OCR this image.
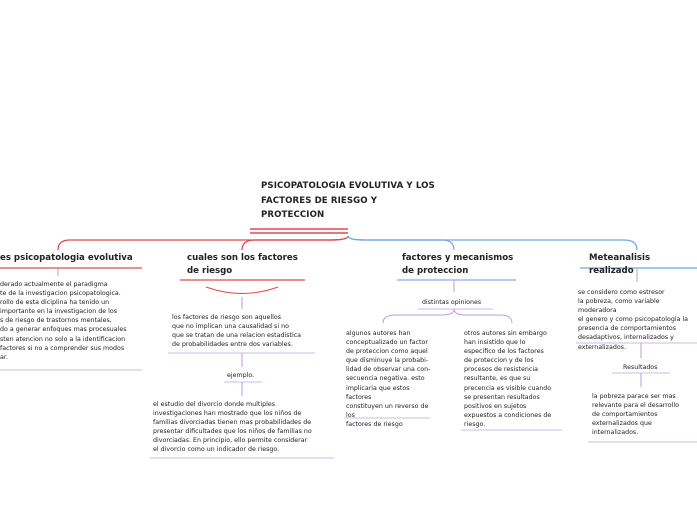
PSICOPATOLOGIA EVOLUTIVA Y LOS
FACTORES DE RIESGO Y
PROTECCION
es psicopatologia evolutiva
derado actualmente el paradigma
te de la investigacion psicopatologica.
rollo de esta diciplina ha tenido un
importante en la investigacion de los
s de riesgo de trastornos mentales,
do a generar enfoques mas procesuales
sten atencion no solo a la identificacion
factores si no a comprender sus modos
ar.
cuales son los factores
de riesgo
los factores de riesgo son aquellos
que no implican una causalidad si no
que se tratan de una relacion estadistica
de probabilidades entre dos variables.
ejemplo.
el estudio del divorcio donde multiples
investigaciones han mostrado que los niños de
familias divorciadas tienen mas probabilidades de
presentar dificultades que los niños de familias no
divorciadas. En principio, ello permite considerar
el divorcio como un indicador de riesgo.
factores y mecanismos
de proteccion
distintas opiniones
algunos autores han
conceptualizado un factor
de proteccion como aquel
que disminuye la probabi-
lidad de observar una con-
secuencia negativa. esto
implicaria que estos factores
constituyen un reverso de los
factores de riesgo
otros autores sin embargo
han insistido que lo
especifico de los factores
de proteccion y de los
procesos de resistencia
resultante, es que su
precencia es visible cuando
se presentan resultados
positivos en sujetos
expuestos a condiciones de
riesgo.
Meteanalisis realizado
se considero como estresor
la pobreza, como variable moderadora
el genero y como psicopatologia la
presencia de comportamientos
desadaptivos, internalizados y
externalizados.
Resultados
la pobreza parace ser mas
relevante para el desarrollo
de comportamientos
externalizados que
internalizados.
